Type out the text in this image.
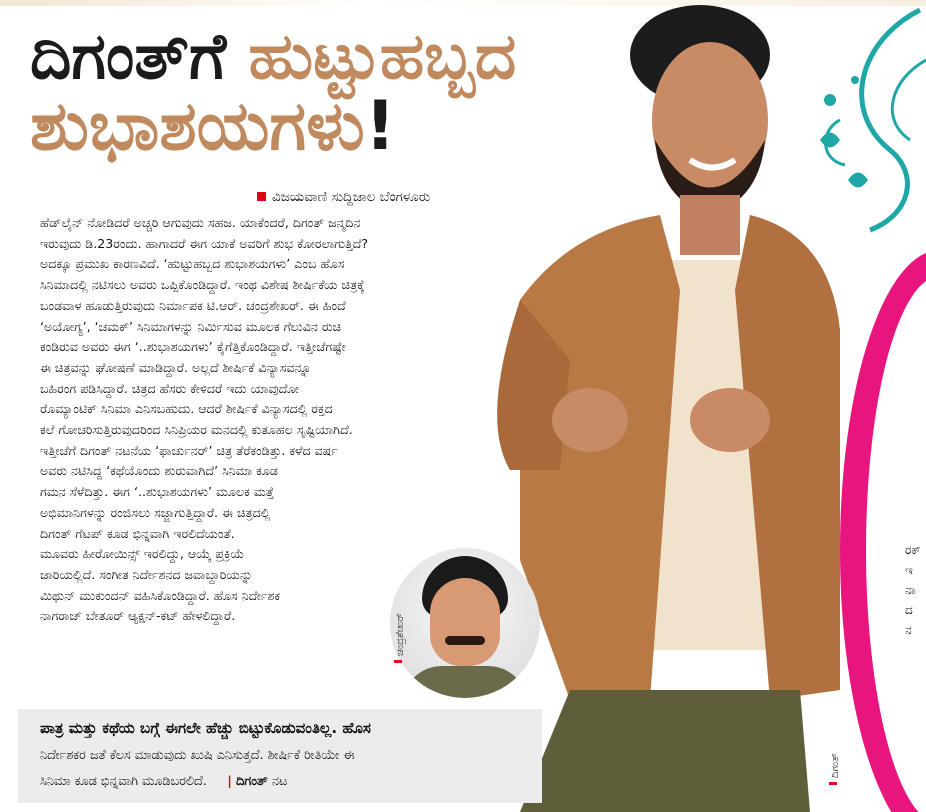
ದಿಗಂತ್‌ಗೆ ಹುಟ್ಟುಹಬ್ಬದ
ಶುಭಾಶಯಗಳು!
ವಿಜಯವಾಣಿ ಸುದ್ದಿಜಾಲ ಬೆಂಗಳೂರು
ಹೆಡ್‌ಲೈನ್ ನೋಡಿದರೆ ಅಚ್ಚರಿ ಆಗುವುದು ಸಹಜ. ಯಾಕೆಂದರೆ, ದಿಗಂತ್ ಜನ್ಮದಿನ
ಇರುವುದು ಡಿ.23ರಂದು. ಹಾಗಾದರೆ ಈಗ ಯಾಕೆ ಅವರಿಗೆ ಶುಭ ಕೋರಲಾಗುತ್ತಿದೆ?
ಅದಕ್ಕೂ ಪ್ರಮುಖ ಕಾರಣವಿದೆ. ‘ಹುಟ್ಟುಹಬ್ಬದ ಶುಭಾಶಯಗಳು’ ಎಂಬ ಹೊಸ
ಸಿನಿಮಾದಲ್ಲಿ ನಟಿಸಲು ಅವರು ಒಪ್ಪಿಕೊಂಡಿದ್ದಾರೆ. ಇಂಥ ವಿಶೇಷ ಶೀರ್ಷಿಕೆಯ ಚಿತ್ರಕ್ಕೆ
ಬಂಡವಾಳ ಹೂಡುತ್ತಿರುವುದು ನಿರ್ಮಾಪಕ ಟಿ.ಆರ್. ಚಂದ್ರಶೇಖರ್. ಈ ಹಿಂದೆ
‘ಅಯೋಗ್ಯ’, ‘ಚಮಕ್’ ಸಿನಿಮಾಗಳನ್ನು ನಿರ್ಮಿಸುವ ಮೂಲಕ ಗೆಲುವಿನ ರುಚಿ
ಕಂಡಿರುವ ಅವರು ಈಗ ‘..ಶುಭಾಶಯಗಳು’ ಕೈಗೆತ್ತಿಕೊಂಡಿದ್ದಾರೆ. ಇತ್ತೀಚೆಗಷ್ಟೇ
ಈ ಚಿತ್ರವನ್ನು ಘೋಷಣೆ ಮಾಡಿದ್ದಾರೆ. ಅಲ್ಲದೆ ಶೀರ್ಷಿಕೆ ವಿನ್ಯಾಸವನ್ನೂ
ಬಹಿರಂಗ ಪಡಿಸಿದ್ದಾರೆ. ಚಿತ್ರದ ಹೆಸರು ಕೇಳಿದರೆ ಇದು ಯಾವುದೋ
ರೊಮ್ಯಾಂಟಿಕ್ ಸಿನಿಮಾ ಎನಿಸಬಹುದು. ಆದರೆ ಶೀರ್ಷಿಕೆ ವಿನ್ಯಾಸದಲ್ಲಿ ರಕ್ತದ
ಕಲೆ ಗೋಚರಿಸುತ್ತಿರುವುದರಿಂದ ಸಿನಿಪ್ರಿಯರ ಮನದಲ್ಲಿ ಕುತೂಹಲ ಸೃಷ್ಟಿಯಾಗಿದೆ.
ಇತ್ತೀಚೆಗೆ ದಿಗಂತ್ ನಟನೆಯ ‘ಫಾರ್ಚುನರ್’ ಚಿತ್ರ ತೆರೆಕಂಡಿತ್ತು. ಕಳೆದ ವರ್ಷ
ಅವರು ನಟಿಸಿದ್ದ ‘ಕಥೆಯೊಂದು ಶುರುವಾಗಿದೆ’ ಸಿನಿಮಾ ಕೂಡ
ಗಮನ ಸೆಳೆದಿತ್ತು. ಈಗ ‘..ಶುಭಾಶಯಗಳು’ ಮೂಲಕ ಮತ್ತೆ
ಅಭಿಮಾನಿಗಳನ್ನು ರಂಜಿಸಲು ಸಜ್ಜಾಗುತ್ತಿದ್ದಾರೆ. ಈ ಚಿತ್ರದಲ್ಲಿ
ದಿಗಂತ್ ಗೆಟಪ್ ಕೂಡ ಭಿನ್ನವಾಗಿ ಇರಲಿದೆಯಂತೆ.
ಮೂವರು ಹೀರೋಯಿನ್ಸ್ ಇರಲಿದ್ದು, ಆಯ್ಕೆ ಪ್ರಕ್ರಿಯೆ
ಜಾರಿಯಲ್ಲಿದೆ. ಸಂಗೀತ ನಿರ್ದೇಶನದ ಜವಾಬ್ದಾರಿಯನ್ನು
ಮಿಥುನ್ ಮುಕುಂದನ್ ವಹಿಸಿಕೊಂಡಿದ್ದಾರೆ. ಹೊಸ ನಿರ್ದೇಶಕ
ನಾಗರಾಜ್ ಬೇತೂರ್ ಆ್ಯಕ್ಷನ್-ಕಟ್ ಹೇಳಲಿದ್ದಾರೆ.	ಚಂದ್ರಶೇಖರ್
ಪಾತ್ರ ಮತ್ತು ಕಥೆಯ ಬಗ್ಗೆ ಈಗಲೇ ಹೆಚ್ಚು ಬಿಟ್ಟುಕೊಡುವಂತಿಲ್ಲ. ಹೊಸ
ನಿರ್ದೇಶಕರ ಜತೆ ಕೆಲಸ ಮಾಡುವುದು ಖುಷಿ ಎನಿಸುತ್ತದೆ. ಶೀರ್ಷಿಕೆ ರೀತಿಯೇ ಈ
ಸಿನಿಮಾ ಕೂಡ ಭಿನ್ನವಾಗಿ ಮೂಡಿಬರಲಿದೆ. | ದಿಗಂತ್ ನಟ
ದಿಗಂತ್
ರಕ್
ಇ
ನಾ
ದ
ನ
